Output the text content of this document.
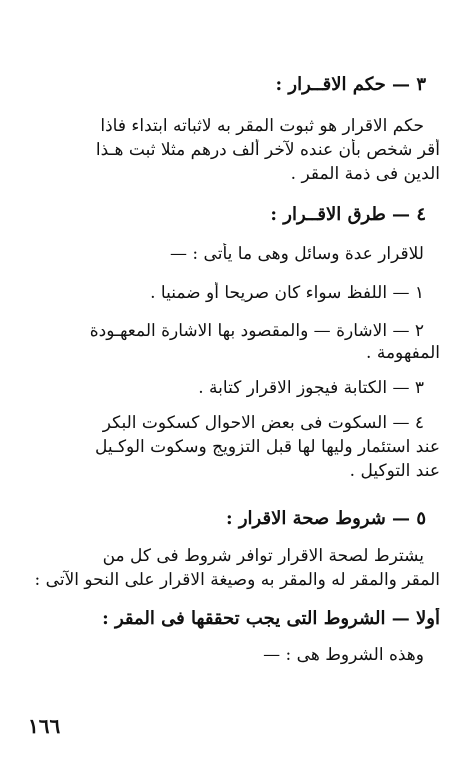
٣ — حكم الاقــرار :
حكم الاقرار هو ثبوت المقر به لاثباته ابتداء فاذا
أقر شخص بأن عنده لآخر ألف درهم مثلا ثبت هـذا
الدين فى ذمة المقر .
٤ — طرق الاقــرار :
للاقرار عدة وسائل وهى ما يأتى : —
١ — اللفظ سواء كان صريحا أو ضمنيا .
٢ — الاشارة — والمقصود بها الاشارة المعهـودة
المفهومة .
٣ — الكتابة فيجوز الاقرار كتابة .
٤ — السكوت فى بعض الاحوال كسكوت البكر
عند استئمار وليها لها قبل التزويج وسكوت الوكـيل
عند التوكيل .
٥ — شروط صحة الاقرار :
يشترط لصحة الاقرار توافر شروط فى كل من
المقر والمقر له والمقر به وصيغة الاقرار على النحو الآتى :
أولا — الشروط التى يجب تحققها فى المقر :
وهذه الشروط هى : —
١٦٦
